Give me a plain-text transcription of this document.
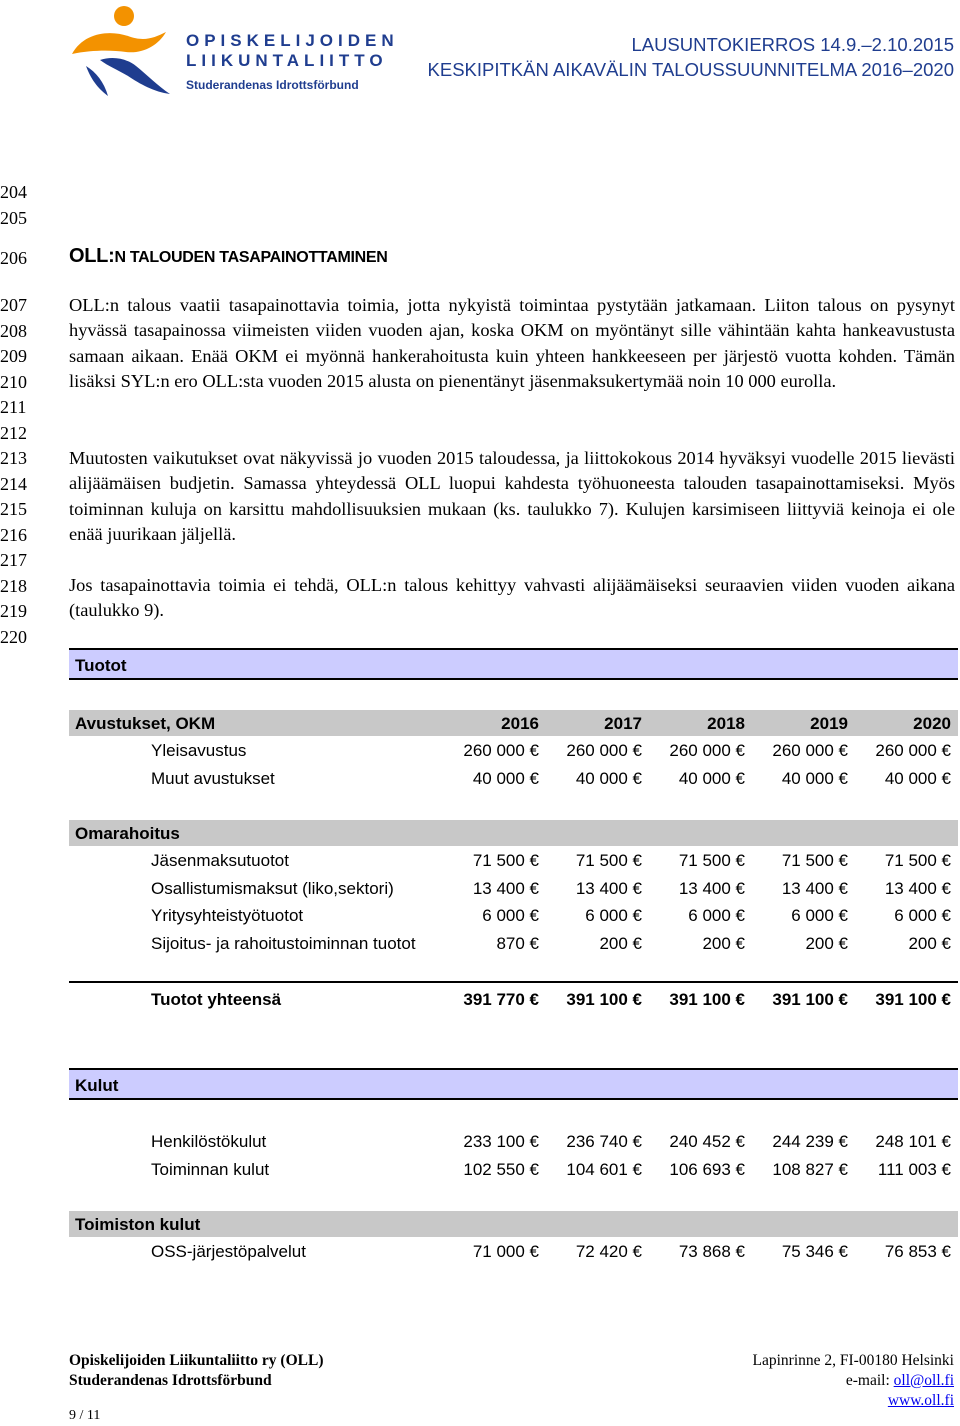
OPISKELIJOIDEN
LIIKUNTALIITTO
Studerandenas Idrottsförbund
LAUSUNTOKIERROS 14.9.–2.10.2015
KESKIPITKÄN AIKAVÄLIN TALOUSSUUNNITELMA 2016–2020
204
205
206
207
208
209
210
211
212
213
214
215
216
217
218
219
220
OLL:N TALOUDEN TASAPAINOTTAMINEN
OLL:n talous vaatii tasapainottavia toimia, jotta nykyistä toimintaa pystytään jatkamaan. Liiton talous on pysynyt hyvässä tasapainossa viimeisten viiden vuoden ajan, koska OKM on myöntänyt sille vähintään kahta hankeavustusta samaan aikaan. Enää OKM ei myönnä hankerahoitusta kuin yhteen hankkeeseen per järjestö vuotta kohden. Tämän lisäksi SYL:n ero OLL:sta vuoden 2015 alusta on pienentänyt jäsenmaksukertymää noin 10 000 eurolla.
Muutosten vaikutukset ovat näkyvissä jo vuoden 2015 taloudessa, ja liittokokous 2014 hyväksyi vuodelle 2015 lievästi alijäämäisen budjetin. Samassa yhteydessä OLL luopui kahdesta työhuoneesta talouden tasapainottamiseksi. Myös toiminnan kuluja on karsittu mahdollisuuksien mukaan (ks. taulukko 7). Kulujen karsimiseen liittyviä keinoja ei ole enää juurikaan jäljellä.
Jos tasapainottavia toimia ei tehdä, OLL:n talous kehittyy vahvasti alijäämäiseksi seuraavien viiden vuoden aikana (taulukko 9).
Tuotot
Avustukset, OKM	2016	2017	2018	2019	2020
Yleisavustus	260 000 €	260 000 €	260 000 €	260 000 €	260 000 €
Muut avustukset	40 000 €	40 000 €	40 000 €	40 000 €	40 000 €
Omarahoitus
Jäsenmaksutuotot	71 500 €	71 500 €	71 500 €	71 500 €	71 500 €
Osallistumismaksut (liko,sektori)	13 400 €	13 400 €	13 400 €	13 400 €	13 400 €
Yritysyhteistyötuotot	6 000 €	6 000 €	6 000 €	6 000 €	6 000 €
Sijoitus- ja rahoitustoiminnan tuotot	870 €	200 €	200 €	200 €	200 €
Tuotot yhteensä	391 770 €	391 100 €	391 100 €	391 100 €	391 100 €
Kulut
Henkilöstökulut	233 100 €	236 740 €	240 452 €	244 239 €	248 101 €
Toiminnan kulut	102 550 €	104 601 €	106 693 €	108 827 €	111 003 €
Toimiston kulut
OSS-järjestöpalvelut	71 000 €	72 420 €	73 868 €	75 346 €	76 853 €
Opiskelijoiden Liikuntaliitto ry (OLL)
Studerandenas Idrottsförbund
Lapinrinne 2, FI-00180 Helsinki
e-mail: oll@oll.fi
www.oll.fi
9 / 11
